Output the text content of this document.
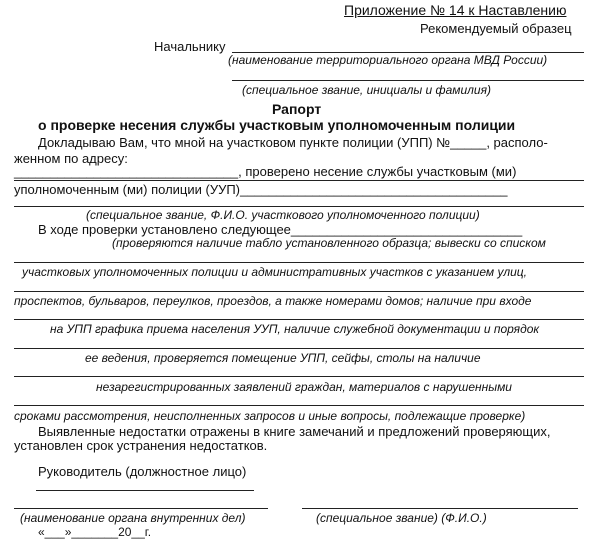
Приложение № 14 к Наставлению
Рекомендуемый образец
Начальнику
(наименование территориального органа МВД России)
(специальное звание, инициалы и фамилия)
Рапорт
о проверке несения службы участковым уполномоченным полиции
Докладываю Вам, что мной на участковом пункте полиции (УПП) №_____, располо-
женном по адресу:
_______________________________, проверено несение службы участковым (ми)
уполномоченным (ми) полиции (УУП)_____________________________________
(специальное звание, Ф.И.О. участкового уполномоченного полиции)
В ходе проверки установлено следующее________________________________
(проверяются наличие табло установленного образца; вывески со списком
участковых уполномоченных полиции и административных участков с указанием улиц,
проспектов, бульваров, переулков, проездов, а также номерами домов; наличие при входе
на УПП графика приема населения УУП, наличие служебной документации и порядок
ее ведения, проверяется помещение УПП, сейфы, столы на наличие
незарегистрированных заявлений граждан, материалов с нарушенными
сроками рассмотрения, неисполненных запросов и иные вопросы, подлежащие проверке)
Выявленные недостатки отражены в книге замечаний и предложений проверяющих,
установлен срок устранения недостатков.
Руководитель (должностное лицо)
(наименование органа внутренних дел)	(специальное звание) (Ф.И.О.)
«___»_______20__г.
